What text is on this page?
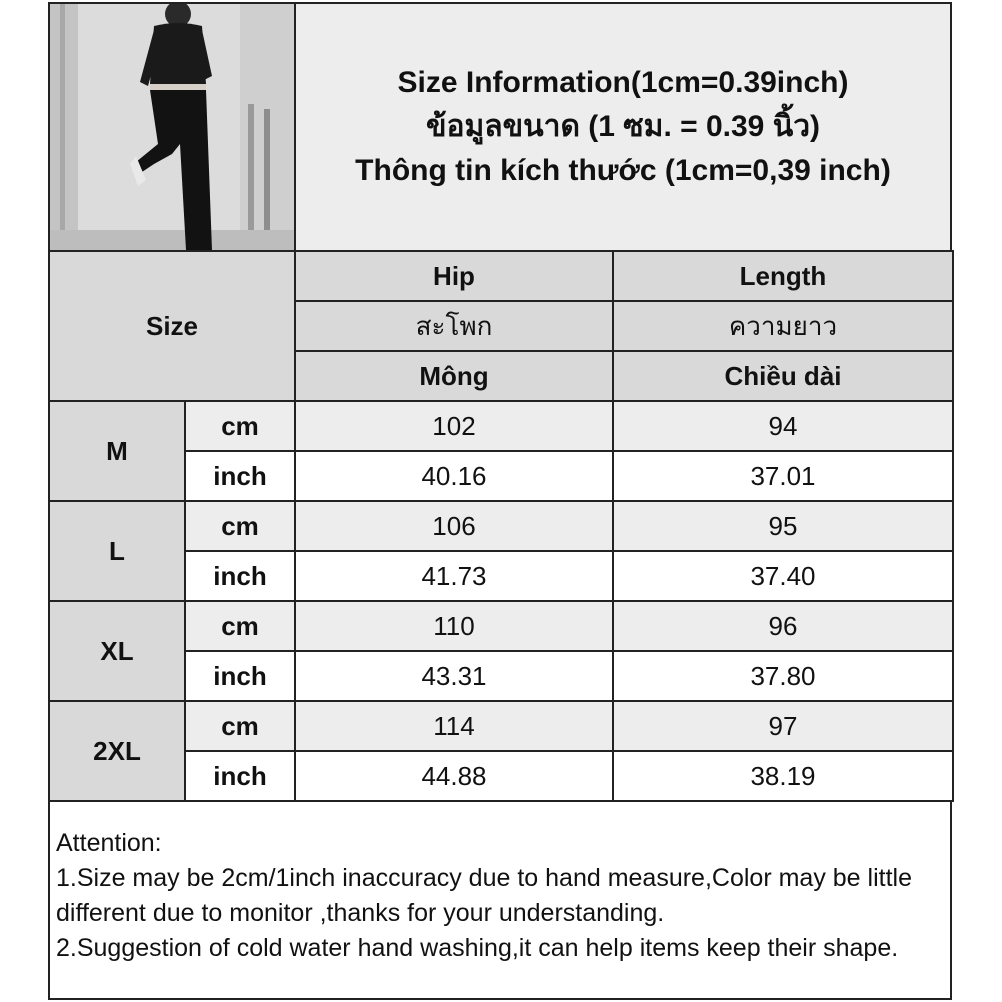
Size Information(1cm=0.39inch)
ข้อมูลขนาด (1 ซม. = 0.39 นิ้ว)
Thông tin kích thước (1cm=0,39 inch)
Size		Hip	Length
		สะโพก	ความยาว
		Mông	Chiều dài
M	cm	102	94
	inch	40.16	37.01
L	cm	106	95
	inch	41.73	37.40
XL	cm	110	96
	inch	43.31	37.80
2XL	cm	114	97
	inch	44.88	38.19
Attention:
1.Size may be 2cm/1inch inaccuracy due to hand measure,Color may be little different due to monitor ,thanks for your understanding.
2.Suggestion of cold water hand washing,it can help items keep their shape.
